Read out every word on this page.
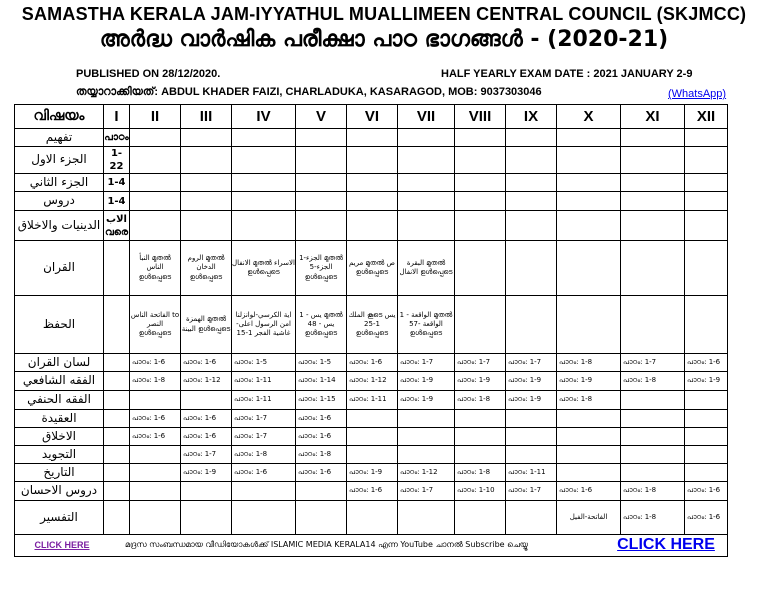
SAMASTHA KERALA JAM-IYYATHUL MUALLIMEEN CENTRAL COUNCIL (SKJMCC)
അർദ്ധ വാർഷിക പരീക്ഷാ പാഠ ഭാഗങ്ങൾ - (2020-21)
PUBLISHED ON 28/12/2020.	HALF YEARLY EXAM DATE : 2021 JANUARY 2-9
തയ്യാറാക്കിയത്: ABDUL KHADER FAIZI, CHARLADUKA, KASARAGOD, MOB: 9037303046	(WhatsApp)
വിഷയം	I	II	III	IV	V	VI	VII	VIII	IX	X	XI	XII
تفهيم	പാഠം											
الجزء الاول	1-22											
الجزء الثاني	1-4											
دروس	1-4											
الدينيات والاخلاق	الاب വരെ											
القران		النبأ മുതൽ الناس ഉൾപ്പെടെ	الروم മുതൽ الدخان ഉൾപ്പെടെ	الانفال മുതൽ الاسراء ഉൾപ്പെടെ	الجزء-1 മുതൽ الجزء-5 ഉൾപ്പെടെ	مريم മുതൽ ص ഉൾപ്പെടെ	البقرة മുതൽ الانفال ഉൾപ്പെടെ					
الحفظ		الفاتحة الناس to النصر ഉൾപ്പെടെ	الهمزة മുതൽ البينة ഉൾപ്പെടെ	اية الكرسي-لوانزلنا امن الرسول اعلى-غاشية الفجر 1-15	يس - 1 മുതൽ يس - 48 ഉൾപ്പെടെ	الملك കൂടെ يس 1-25 ഉൾപ്പെടെ	الواقعة - 1 മുതൽ الواقعة -57 ഉൾപ്പെടെ					
لسان القران		പാഠം: 1-6	പാഠം: 1-6	പാഠം: 1-5	പാഠം: 1-5	പാഠം: 1-6	പാഠം: 1-7	പാഠം: 1-7	പാഠം: 1-7	പാഠം: 1-8	പാഠം: 1-7	പാഠം: 1-6
الفقه الشافعي		പാഠം: 1-8	പാഠം: 1-12	പാഠം: 1-11	പാഠം: 1-14	പാഠം: 1-12	പാഠം: 1-9	പാഠം: 1-9	പാഠം: 1-9	പാഠം: 1-9	പാഠം: 1-8	പാഠം: 1-9
الفقه الحنفي				പാഠം: 1-11	പാഠം: 1-15	പാഠം: 1-11	പാഠം: 1-9	പാഠം: 1-8	പാഠം: 1-9	പാഠം: 1-8		
العقيدة		പാഠം: 1-6	പാഠം: 1-6	പാഠം: 1-7	പാഠം: 1-6							
الاخلاق		പാഠം: 1-6	പാഠം: 1-6	പാഠം: 1-7	പാഠം: 1-6							
التجويد			പാഠം: 1-7	പാഠം: 1-8	പാഠം: 1-8							
التاريخ			പാഠം: 1-9	പാഠം: 1-6	പാഠം: 1-6	പാഠം: 1-9	പാഠം: 1-12	പാഠം: 1-8	പാഠം: 1-11			
دروس الاحسان						പാഠം: 1-6	പാഠം: 1-7	പാഠം: 1-10	പാഠം: 1-7	പാഠം: 1-6	പാഠം: 1-8	പാഠം: 1-6
التفسير										الفاتحة-الفيل	പാഠം: 1-8	പാഠം: 1-6

CLICK HERE മദ്രസ സംബന്ധമായ വീഡിയോകൾക്ക് ISLAMIC MEDIA KERALA14 എന്ന YouTube ചാനൽ Subscribe ചെയ്യൂ CLICK HERE												
